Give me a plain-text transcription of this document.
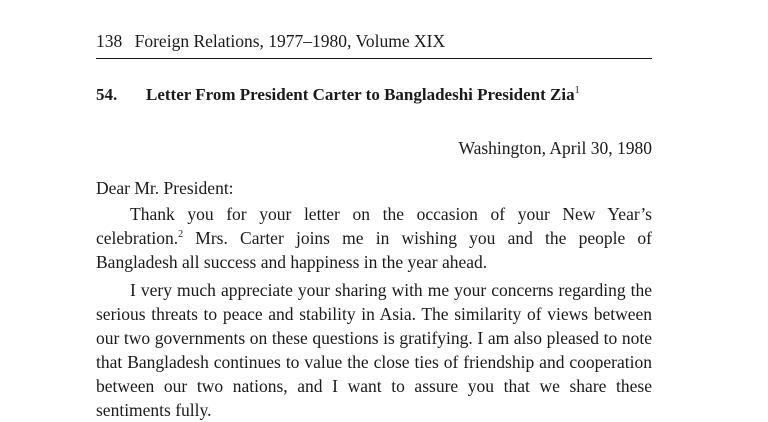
138 Foreign Relations, 1977–1980, Volume XIX
54. Letter From President Carter to Bangladeshi President Zia$^1$
Washington, April 30, 1980

Dear Mr. President:

Thank you for your letter on the occasion of your New Year’s celebration.$^2$ Mrs. Carter joins me in wishing you and the people of Bangladesh all success and happiness in the year ahead.

I very much appreciate your sharing with me your concerns regarding the serious threats to peace and stability in Asia. The similarity of views between our two governments on these questions is gratifying. I am also pleased to note that Bangladesh continues to value the close ties of friendship and cooperation between our two nations, and I want to assure you that we share these sentiments fully.
